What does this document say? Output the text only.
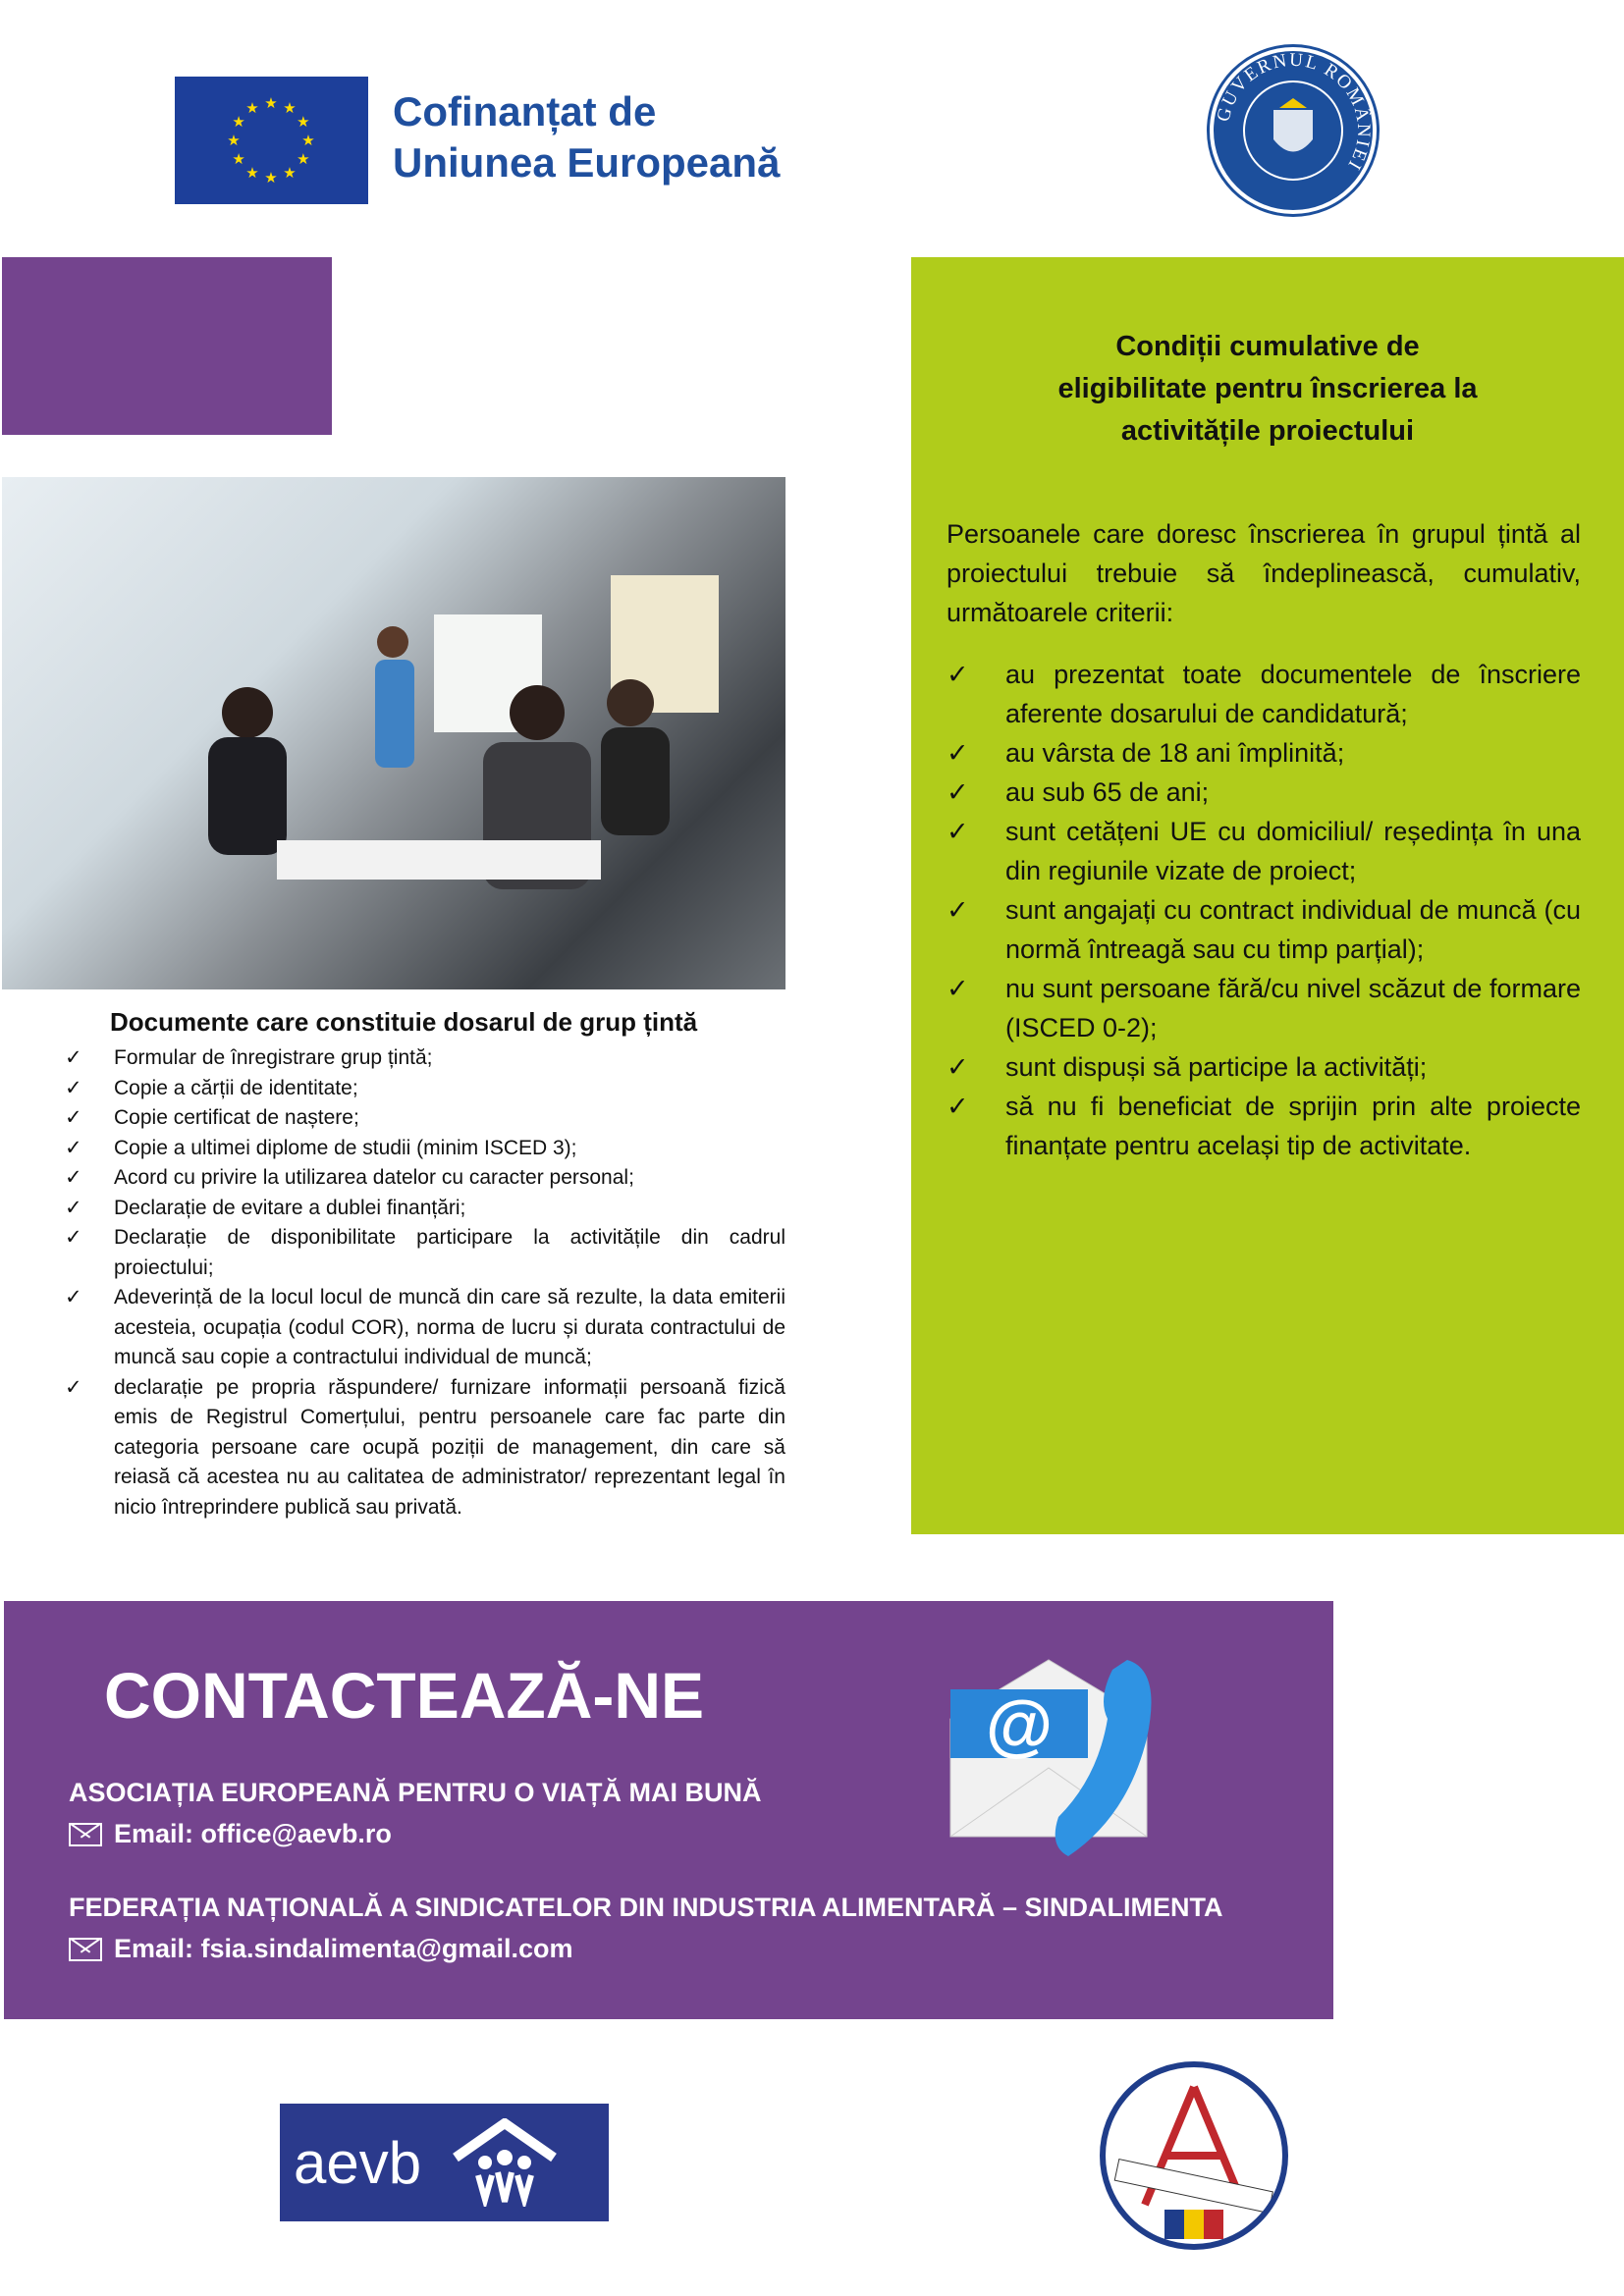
★ ★
★
★
★
★
★
★
★
★
★
★	Cofinanțat de
Uniunea Europeană
GUVERNUL ROMÂNIEI
Documente care constituie dosarul de grup țintă
✓ Formular de înregistrare grup țintă;
✓ Copie a cărții de identitate;
✓ Copie certificat de naștere;
✓ Copie a ultimei diplome de studii (minim ISCED 3);
✓ Acord cu privire la utilizarea datelor cu caracter personal;
✓ Declarație de evitare a dublei finanțări;
✓ Declarație de disponibilitate participare la activitățile din cadrul proiectului;
✓ Adeverință de la locul locul de muncă din care să rezulte, la data emiterii acesteia, ocupația (codul COR), norma de lucru și durata contractului de muncă sau copie a contractului individual de muncă;
✓ declarație pe propria răspundere/ furnizare informații persoană fizică emis de Registrul Comerțului, pentru persoanele care fac parte din categoria persoane care ocupă poziții de management, din care să reiasă că acestea nu au calitatea de administrator/ reprezentant legal în nicio întreprindere publică sau privată.
Condiții cumulative de eligibilitate pentru înscrierea la activitățile proiectului

Persoanele care doresc înscrierea în grupul țintă al proiectului trebuie să îndeplinească, cumulativ, următoarele criterii:

✓ au prezentat toate documentele de înscriere aferente dosarului de candidatură;
✓ au vârsta de 18 ani împlinită;
✓ au sub 65 de ani;
✓ sunt cetățeni UE cu domiciliul/ reședința în una din regiunile vizate de proiect;
✓ sunt angajați cu contract individual de muncă (cu normă întreagă sau cu timp parțial);
✓ nu sunt persoane fără/cu nivel scăzut de formare (ISCED 0-2);
✓ sunt dispuși să participe la activități;
✓ să nu fi beneficiat de sprijin prin alte proiecte finanțate pentru același tip de activitate.
CONTACTEAZĂ-NE
ASOCIAȚIA EUROPEANĂ PENTRU O VIAȚĂ MAI BUNĂ
Email: office@aevb.ro
FEDERAȚIA NAȚIONALĂ A SINDICATELOR DIN INDUSTRIA ALIMENTARĂ – SINDALIMENTA
Email: fsia.sindalimenta@gmail.com
@
aevb
